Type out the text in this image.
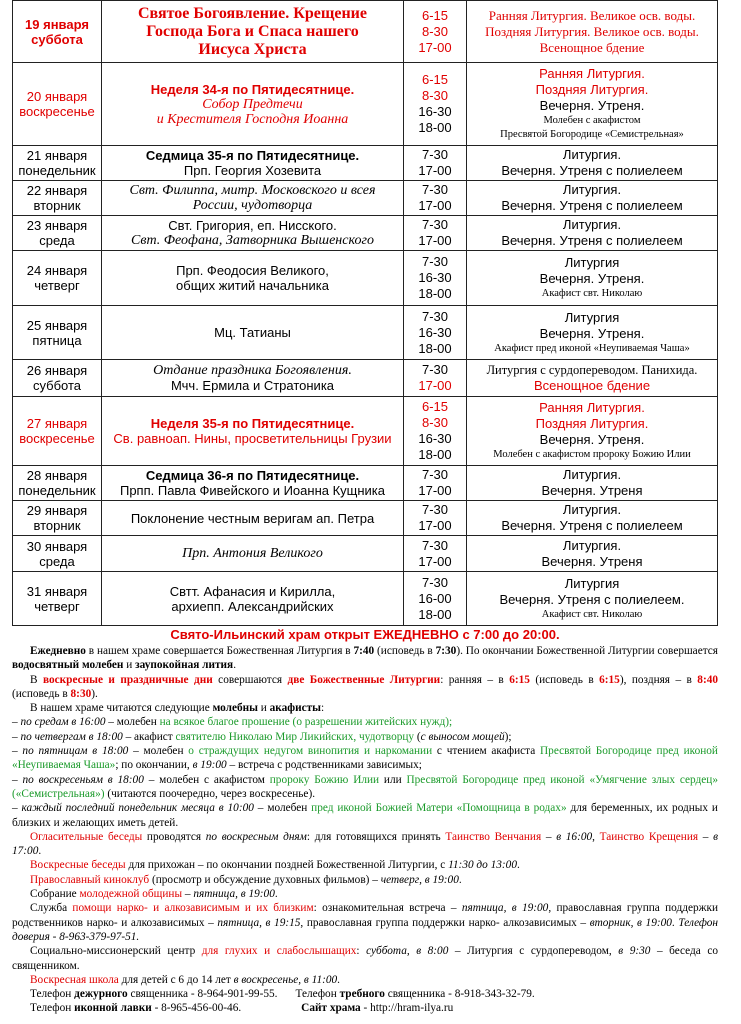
19 января
суббота	Святое Богоявление. Крещение
Господа Бога и Спаса нашего
Иисуса Христа	6-15
8-30
17-00	Ранняя Литургия. Великое осв. воды.
Поздняя Литургия. Великое осв. воды.
Всенощное бдение

20 января
воскресенье	Неделя 34-я по Пятидесятнице.
Собор Предтечи
и Крестителя Господня Иоанна	6-15
8-30
16-30
18-00	Ранняя Литургия.
Поздняя Литургия.
Вечерня. Утреня.
Молебен с акафистом
Пресвятой Богородице «Семистрельная»

21 января
понедельник	Седмица 35-я по Пятидесятнице.
Прп. Георгия Хозевита	7-30
17-00	Литургия.
Вечерня. Утреня с полиелеем

22 января
вторник	Свт. Филиппа, митр. Московского и всея
России, чудотворца	7-30
17-00	Литургия.
Вечерня. Утреня с полиелеем

23 января
среда	Свт. Григория, еп. Нисского.
Свт. Феофана, Затворника Вышенского	7-30
17-00	Литургия.
Вечерня. Утреня с полиелеем

24 января
четверг	Прп. Феодосия Великого,
общих житий начальника	7-30
16-30
18-00	Литургия
Вечерня. Утреня.
Акафист свт. Николаю

25 января
пятница	Мц. Татианы	7-30
16-30
18-00	Литургия
Вечерня. Утреня.
Акафист пред иконой «Неупиваемая Чаша»

26 января
суббота	Отдание праздника Богоявления.
Мчч. Ермила и Стратоника	7-30
17-00	Литургия с сурдопереводом. Панихида.
Всенощное бдение

27 января
воскресенье	Неделя 35-я по Пятидесятнице.
Св. равноап. Нины, просветительницы Грузии	6-15
8-30
16-30
18-00	Ранняя Литургия.
Поздняя Литургия.
Вечерня. Утреня.
Молебен с акафистом пророку Божию Илии

28 января
понедельник	Седмица 36-я по Пятидесятнице.
Прпп. Павла Фивейского и Иоанна Кущника	7-30
17-00	Литургия.
Вечерня. Утреня

29 января
вторник	Поклонение честным веригам ап. Петра	7-30
17-00	Литургия.
Вечерня. Утреня с полиелеем

30 января
среда	Прп. Антония Великого	7-30
17-00	Литургия.
Вечерня. Утреня

31 января
четверг	Свтт. Афанасия и Кирилла,
архиепп. Александрийских	7-30
16-00
18-00	Литургия
Вечерня. Утреня с полиелеем.
Акафист свт. Николаю

Свято-Ильинский храм открыт ЕЖЕДНЕВНО с 7:00 до 20:00.

Ежедневно в нашем храме совершается Божественная Литургия в 7:40 (исповедь в 7:30). По окончании Божественной Литургии совершается водосвятный молебен и заупокойная лития.

В воскресные и праздничные дни совершаются две Божественные Литургии: ранняя – в 6:15 (исповедь в 6:15), поздняя – в 8:40 (исповедь в 8:30).

В нашем храме читаются следующие молебны и акафисты:

– по средам в 16:00 – молебен на всякое благое прошение (о разрешении житейских нужд);

– по четвергам в 18:00 – акафист святителю Николаю Мир Ликийских, чудотворцу (с выносом мощей);

– по пятницам в 18:00 – молебен о страждущих недугом винопития и наркомании с чтением акафиста Пресвятой Богородице пред иконой «Неупиваемая Чаша»; по окончании, в 19:00 – встреча с родственниками зависимых;

– по воскресеньям в 18:00 – молебен с акафистом пророку Божию Илии или Пресвятой Богородице пред иконой «Умягчение злых сердец» («Семистрельная») (читаются поочередно, через воскресенье).

– каждый последний понедельник месяца в 10:00 – молебен пред иконой Божией Матери «Помощница в родах» для беременных, их родных и близких и желающих иметь детей.

Огласительные беседы проводятся по воскресным дням: для готовящихся принять Таинство Венчания – в 16:00, Таинство Крещения – в 17:00.

Воскресные беседы для прихожан – по окончании поздней Божественной Литургии, с 11:30 до 13:00.

Православный киноклуб (просмотр и обсуждение духовных фильмов) – четверг, в 19:00.

Собрание молодежной общины – пятница, в 19:00.

Служба помощи нарко- и алкозависимым и их близким: ознакомительная встреча – пятница, в 19:00, православная группа поддержки родственников нарко- и алкозависимых – пятница, в 19:15, православная группа поддержки нарко- алкозависимых – вторник, в 19:00. Телефон доверия - 8-963-379-97-51.

Социально-миссионерский центр для глухих и слабослышащих: суббота, в 8:00 – Литургия с сурдопереводом, в 9:30 – беседа со священником.

Воскресная школа для детей с 6 до 14 лет в воскресенье, в 11:00.

Телефон дежурного священника - 8-964-901-99-55. Телефон требного священника - 8-918-343-32-79.

Телефон иконной лавки - 8-965-456-00-46.	Сайт храма - http://hram-ilya.ru
